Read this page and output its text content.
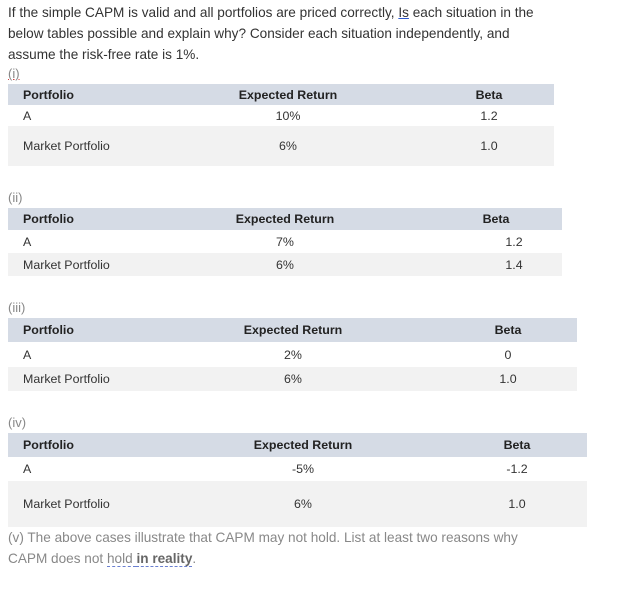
If the simple CAPM is valid and all portfolios are priced correctly, Is each situation in the
below tables possible and explain why? Consider each situation independently, and
assume the risk-free rate is 1%.
(i)
Portfolio	Expected Return	Beta
A	10%	1.2
Market Portfolio	6%	1.0
(ii)
Portfolio	Expected Return	Beta
A	7%	1.2
Market Portfolio	6%	1.4
(iii)
Portfolio	Expected Return	Beta
A	2%	0
Market Portfolio	6%	1.0
(iv)
Portfolio	Expected Return	Beta
A	-5%	-1.2
Market Portfolio	6%	1.0
(v) The above cases illustrate that CAPM may not hold. List at least two reasons why
CAPM does not hold in reality.
